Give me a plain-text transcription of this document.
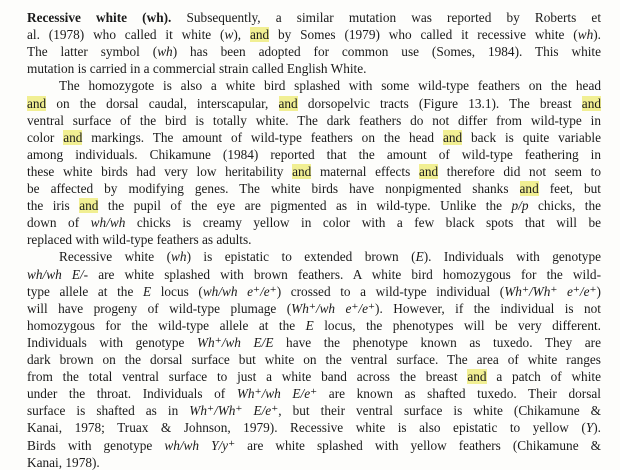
Recessive white (wh). Subsequently, a similar mutation was reported by Roberts et
al. (1978) who called it white (w), and by Somes (1979) who called it recessive white (wh).
The latter symbol (wh) has been adopted for common use (Somes, 1984). This white
mutation is carried in a commercial strain called English White.
The homozygote is also a white bird splashed with some wild-type feathers on the head
and on the dorsal caudal, interscapular, and dorsopelvic tracts (Figure 13.1). The breast and
ventral surface of the bird is totally white. The dark feathers do not differ from wild-type in
color and markings. The amount of wild-type feathers on the head and back is quite variable
among individuals. Chikamune (1984) reported that the amount of wild-type feathering in
these white birds had very low heritability and maternal effects and therefore did not seem to
be affected by modifying genes. The white birds have nonpigmented shanks and feet, but
the iris and the pupil of the eye are pigmented as in wild-type. Unlike the p/p chicks, the
down of wh/wh chicks is creamy yellow in color with a few black spots that will be
replaced with wild-type feathers as adults.
Recessive white (wh) is epistatic to extended brown (E). Individuals with genotype
wh/wh E/- are white splashed with brown feathers. A white bird homozygous for the wild-
type allele at the E locus (wh/wh e⁺/e⁺) crossed to a wild-type individual (Wh⁺/Wh⁺ e⁺/e⁺)
will have progeny of wild-type plumage (Wh⁺/wh e⁺/e⁺). However, if the individual is not
homozygous for the wild-type allele at the E locus, the phenotypes will be very different.
Individuals with genotype Wh⁺/wh E/E have the phenotype known as tuxedo. They are
dark brown on the dorsal surface but white on the ventral surface. The area of white ranges
from the total ventral surface to just a white band across the breast and a patch of white
under the throat. Individuals of Wh⁺/wh E/e⁺ are known as shafted tuxedo. Their dorsal
surface is shafted as in Wh⁺/Wh⁺ E/e⁺, but their ventral surface is white (Chikamune &
Kanai, 1978; Truax & Johnson, 1979). Recessive white is also epistatic to yellow (Y).
Birds with genotype wh/wh Y/y⁺ are white splashed with yellow feathers (Chikamune &
Kanai, 1978).
